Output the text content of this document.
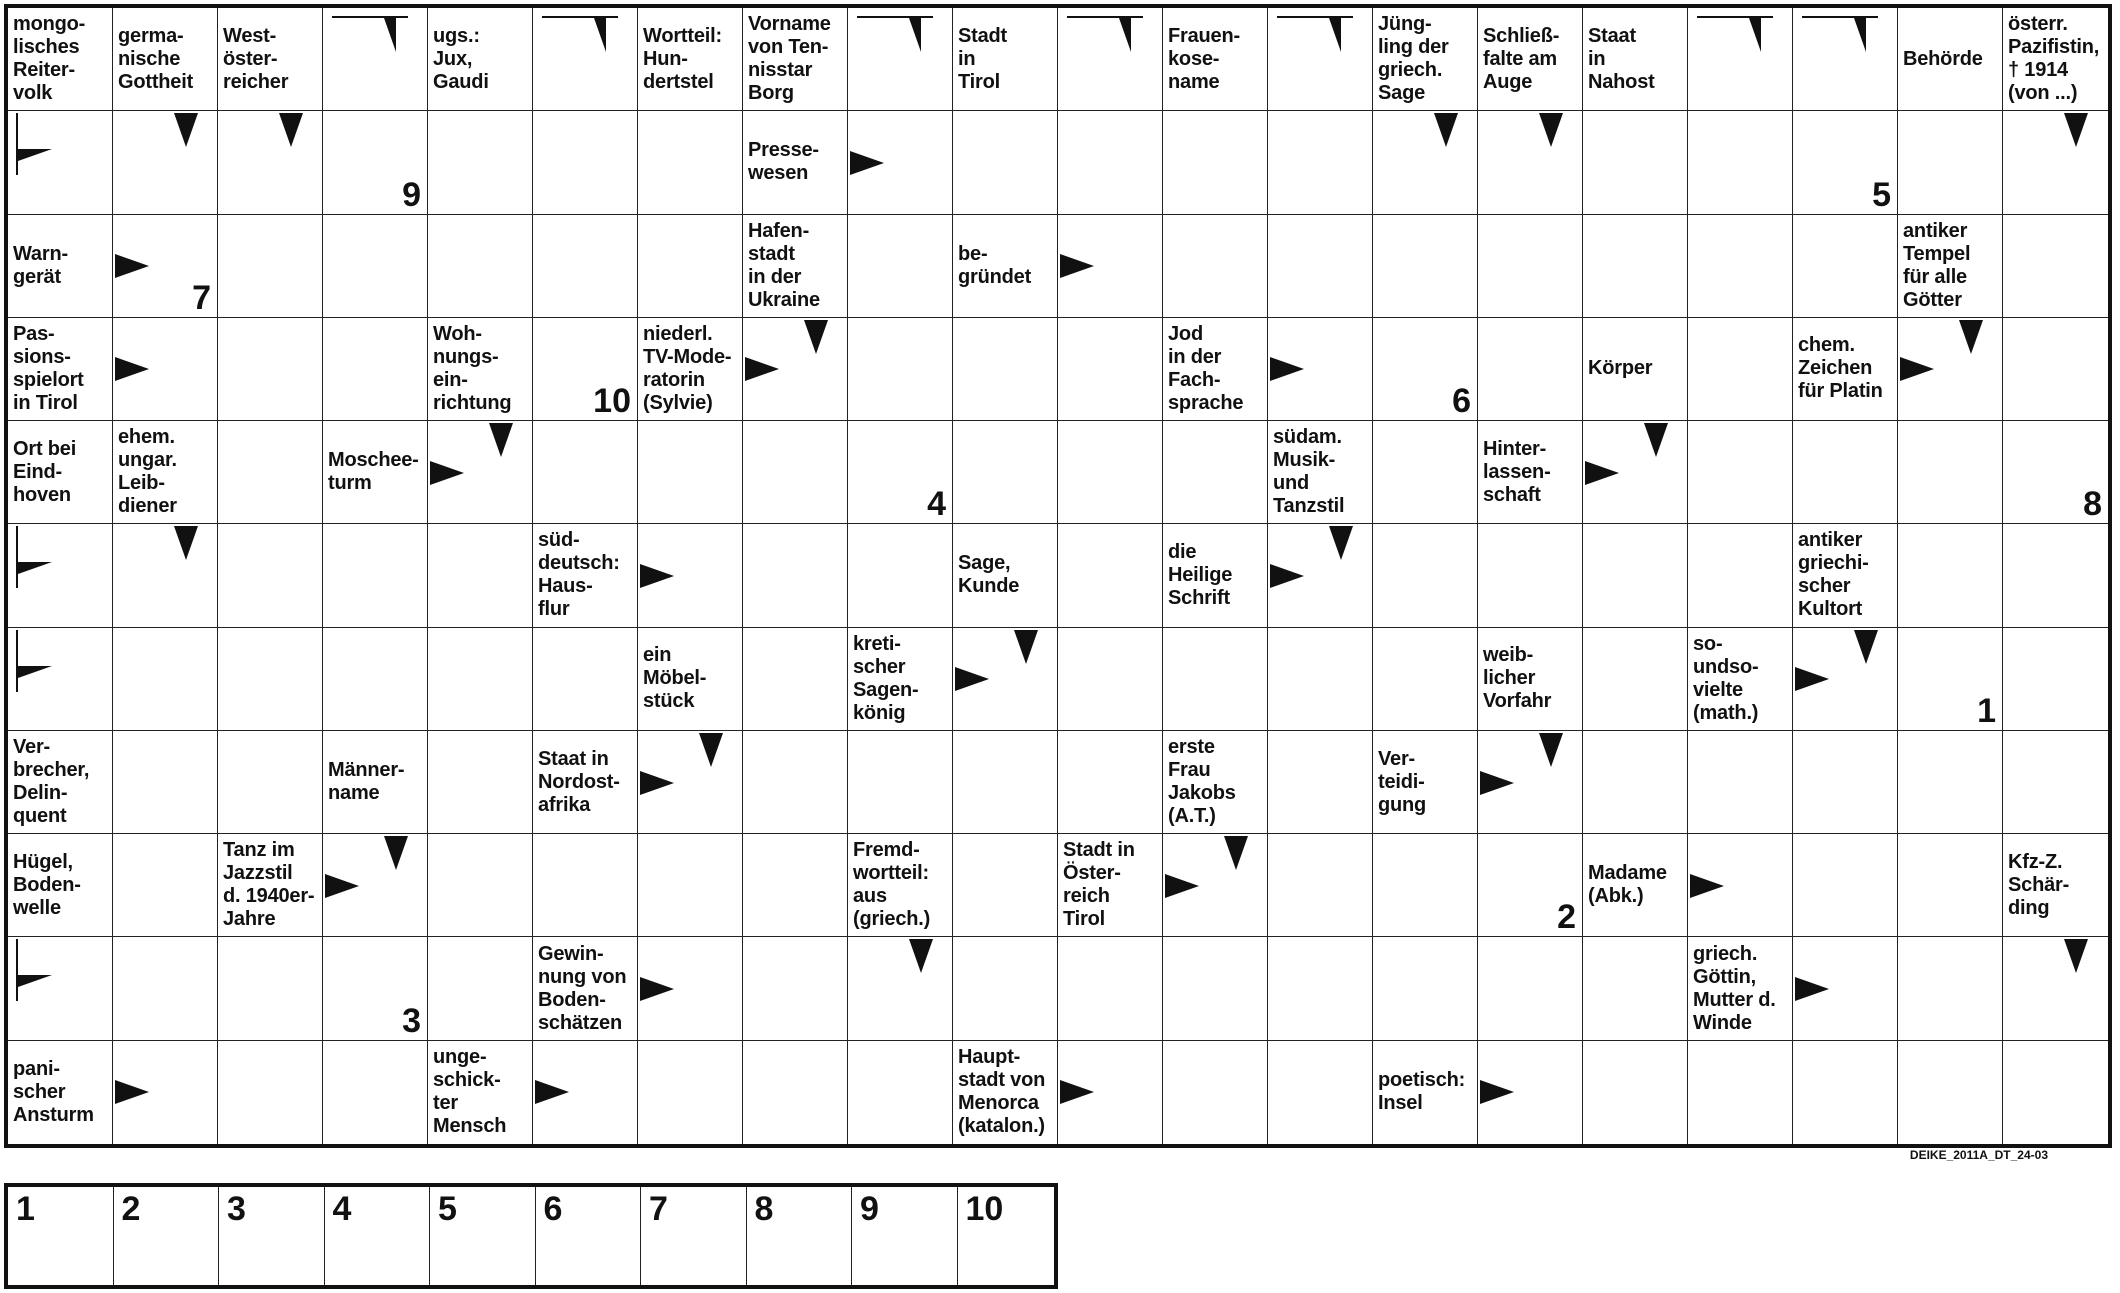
mongo-
lisches
Reiter-
volk
germa-
nische
Gottheit
West-
öster-
reicher
ugs.:
Jux,
Gaudi
Wortteil:
Hun-
dertstel
Vorname
von Ten-
nisstar
Borg
Stadt
in
Tirol
Frauen-
kose-
name
Jüng-
ling der
griech.
Sage
Schließ-
falte am
Auge
Staat
in
Nahost
Behörde
österr.
Pazifistin,
† 1914
(von ...)
9
Presse-
wesen
5
Warn-
gerät
7
Hafen-
stadt
in der
Ukraine
be-
gründet
antiker
Tempel
für alle
Götter
Pas-
sions-
spielort
in Tirol
Woh-
nungs-
ein-
richtung	10
niederl.
TV-Mode-
ratorin
(Sylvie)
Jod
in der
Fach-
sprache	6
Körper
chem.
Zeichen
für Platin
Ort bei
Eind-
hoven
ehem.
ungar.
Leib-
diener
Moschee-
turm
4
südam.
Musik-
und
Tanzstil
Hinter-
lassen-
schaft	8
süd-
deutsch:
Haus-
flur
Sage,
Kunde
die
Heilige
Schrift
antiker
griechi-
scher
Kultort
ein
Möbel-
stück
kreti-
scher
Sagen-
könig
weib-
licher
Vorfahr
so-
undso-
vielte
(math.)	1
Ver-
brecher,
Delin-
quent
Männer-
name
Staat in
Nordost-
afrika
erste
Frau
Jakobs
(A.T.)
Ver-
teidi-
gung
Hügel,
Boden-
welle
Tanz im
Jazzstil
d. 1940er-
Jahre
Fremd-
wortteil:
aus
(griech.)
Stadt in
Öster-
reich
Tirol	2
Madame
(Abk.)
Kfz-Z.
Schär-
ding
3
Gewin-
nung von
Boden-
schätzen
griech.
Göttin,
Mutter d.
Winde
pani-
scher
Ansturm
unge-
schick-
ter
Mensch
Haupt-
stadt von
Menorca
(katalon.)
poetisch:
Insel
DEIKE_2011A_DT_24-03
1	2	3	4	5	6	7	8	9	10
